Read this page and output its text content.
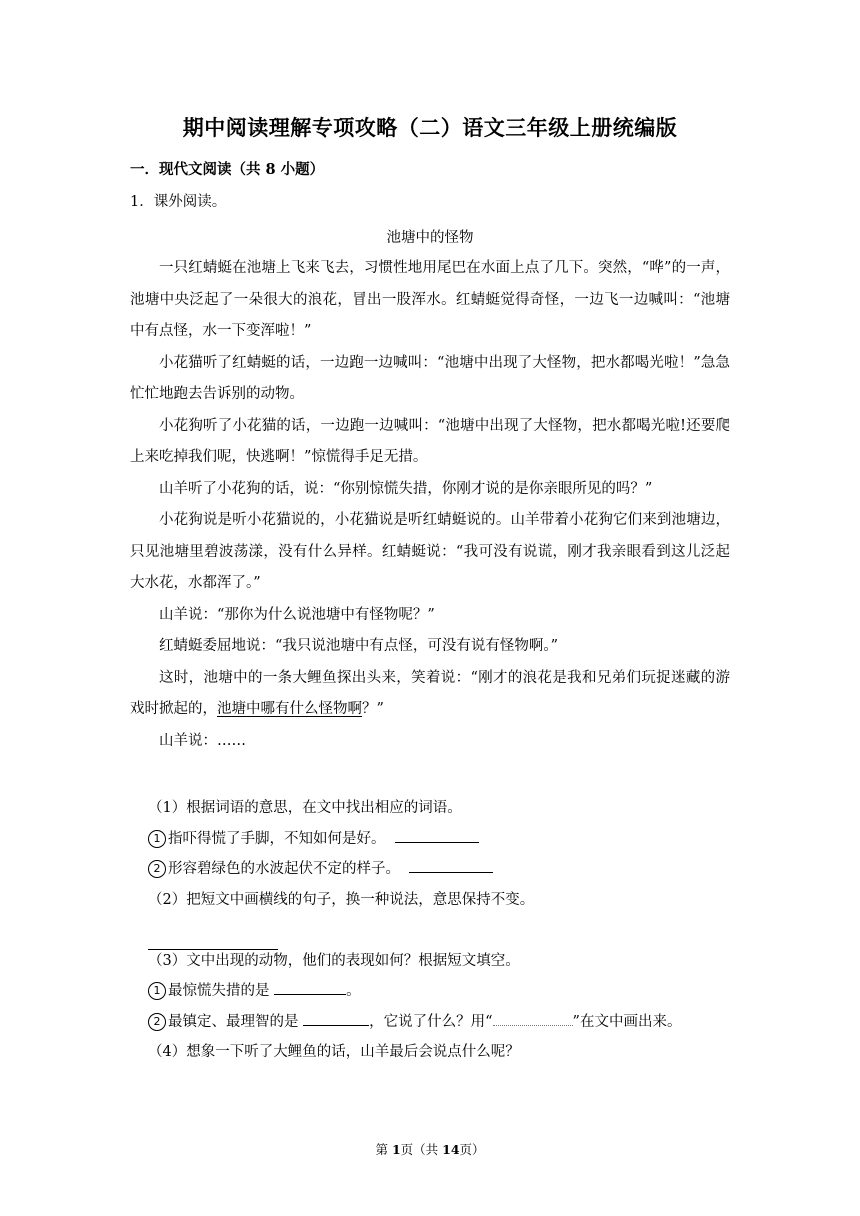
期中阅读理解专项攻略（二）语文三年级上册统编版
一．现代文阅读（共 8 小题）
1．课外阅读。
池塘中的怪物

一只红蜻蜓在池塘上飞来飞去，习惯性地用尾巴在水面上点了几下。突然，“哗”的一声，池塘中央泛起了一朵很大的浪花，冒出一股浑水。红蜻蜓觉得奇怪，一边飞一边喊叫：“池塘中有点怪，水一下变浑啦！”

小花猫听了红蜻蜓的话，一边跑一边喊叫：“池塘中出现了大怪物，把水都喝光啦！”急急忙忙地跑去告诉别的动物。

小花狗听了小花猫的话，一边跑一边喊叫：“池塘中出现了大怪物，把水都喝光啦!还要爬上来吃掉我们呢，快逃啊！”惊慌得手足无措。

山羊听了小花狗的话，说：“你别惊慌失措，你刚才说的是你亲眼所见的吗？”

小花狗说是听小花猫说的，小花猫说是听红蜻蜓说的。山羊带着小花狗它们来到池塘边，只见池塘里碧波荡漾，没有什么异样。红蜻蜓说：“我可没有说谎，刚才我亲眼看到这儿泛起大水花，水都浑了。”

山羊说：“那你为什么说池塘中有怪物呢？”

红蜻蜓委屈地说：“我只说池塘中有点怪，可没有说有怪物啊。”

这时，池塘中的一条大鲤鱼探出头来，笑着说：“刚才的浪花是我和兄弟们玩捉迷藏的游戏时掀起的，池塘中哪有什么怪物啊？”

山羊说：……

（1）根据词语的意思，在文中找出相应的词语。
1 指吓得慌了手脚，不知如何是好。
2 形容碧绿色的水波起伏不定的样子。
（2）把短文中画横线的句子，换一种说法，意思保持不变。
（3）文中出现的动物，他们的表现如何？根据短文填空。
1 最惊慌失措的是	。
2 最镇定、最理智的是	，它说了什么？用“	”在文中画出来。
（4）想象一下听了大鲤鱼的话，山羊最后会说点什么呢？
第 1页（共 14页）
